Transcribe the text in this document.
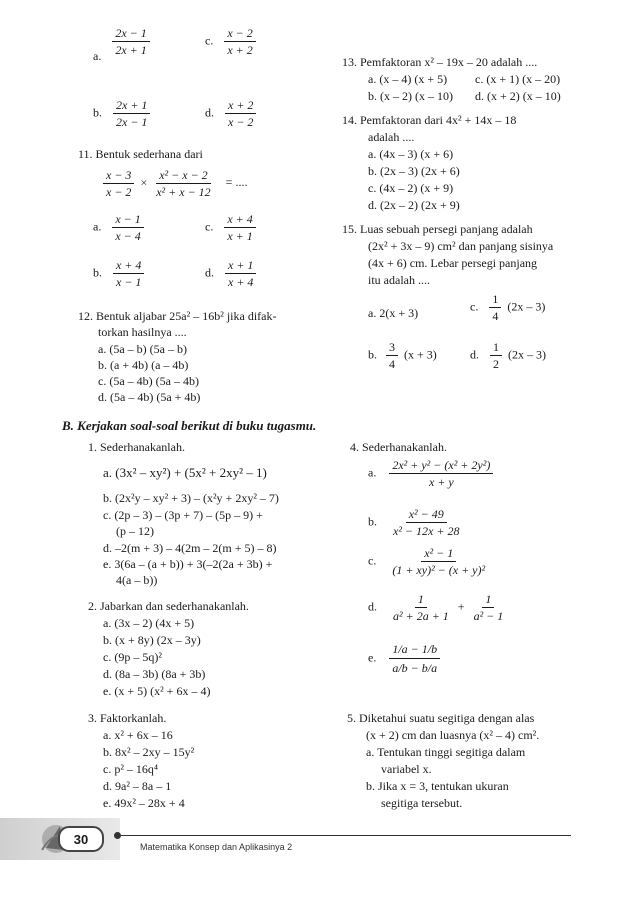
a. $\frac{2x - 1}{2x + 1}$	c. $\frac{x - 2}{x + 2}$
b. $\frac{2x + 1}{2x - 1}$	d. $\frac{x + 2}{x - 2}$
11. Bentuk sederhana dari
$\frac{x - 3}{x - 2} \times \frac{\text{x² − x − 2}}{\text{x² + x − 12}}$ = ....
a. $\frac{x - 1}{x - 4}$	c. $\frac{x + 4}{x + 1}$
b. $\frac{x + 4}{x - 1}$	d. $\frac{x + 1}{x + 4}$
12. Bentuk aljabar 25a² – 16b² jika difak-
torkan hasilnya ....
a. (5a – b) (5a – b)
b. (a + 4b) (a – 4b)
c. (5a – 4b) (5a – 4b)
d. (5a – 4b) (5a + 4b)
13. Pemfaktoran x² – 19x – 20 adalah ....
a. (x – 4) (x + 5) c. (x + 1) (x – 20)
b. (x – 2) (x – 10) d. (x + 2) (x – 10)
14. Pemfaktoran dari 4x² + 14x – 18
adalah ....
a. (4x – 3) (x + 6)
b. (2x – 3) (2x + 6)
c. (4x – 2) (x + 9)
d. (2x – 2) (2x + 9)
15. Luas sebuah persegi panjang adalah
(2x² + 3x – 9) cm² dan panjang sisinya
(4x + 6) cm. Lebar persegi panjang
itu adalah ....
a. 2(x + 3)	c. $\frac{1}{4} (2x - 3)$
b. $\frac{3}{4} (x + 3)$	d. $\frac{1}{2} (2x - 3)$
B. Kerjakan soal-soal berikut di buku tugasmu.
1. Sederhanakanlah.
a. (3x² – xy²) + (5x² + 2xy² – 1)
b. (2x²y – xy² + 3) – (x²y + 2xy² – 7)
c. (2p – 3) – (3p + 7) – (5p – 9) +
(p – 12)
d. –2(m + 3) – 4(2m – 2(m + 5) – 8)
e. 3(6a – (a + b)) + 3(–2(2a + 3b) +
4(a – b))
2. Jabarkan dan sederhanakanlah.
a. (3x – 2) (4x + 5)
b. (x + 8y) (2x – 3y)
c. (9p – 5q)²
d. (8a – 3b) (8a + 3b)
e. (x + 5) (x² + 6x – 4)
3. Faktorkanlah.
a. x² + 6x – 16
b. 8x² – 2xy – 15y²
c. p² – 16q⁴
d. 9a² – 8a – 1
e. 49x² – 28x + 4
4. Sederhanakanlah.
a. $\frac{\text{2x² + y² − (x² + 2y²)}}{x + y}$
b. $\frac{\text{x² − 49}}{\text{x² − 12x + 28}}$
c. $\frac{\text{x² − 1}}{\text{(1 + xy)² − (x + y)²}}$
d. $\frac{1}{\text{a² + 2a + 1}} + \frac{1}{\text{a² − 1}}$
e. $\frac{1/a - 1/b}{a/b - b/a}$
5. Diketahui suatu segitiga dengan alas
(x + 2) cm dan luasnya (x² – 4) cm².
a. Tentukan tinggi segitiga dalam
variabel x.
b. Jika x = 3, tentukan ukuran
segitiga tersebut.
30
Matematika Konsep dan Aplikasinya 2
